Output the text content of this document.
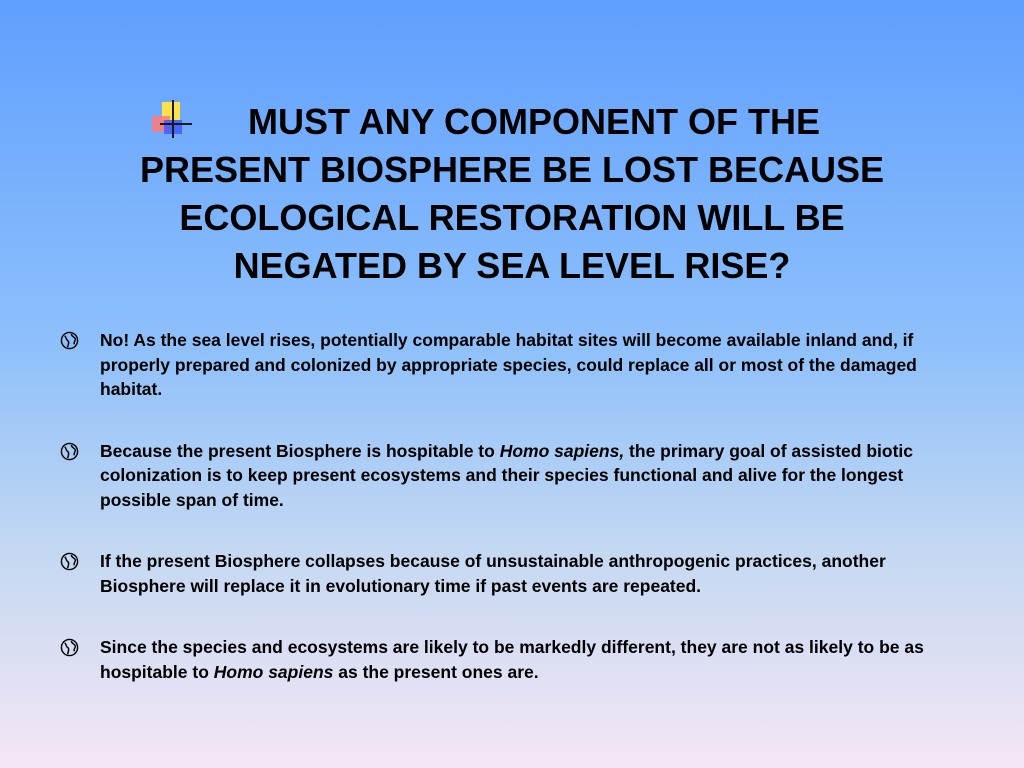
MUST ANY COMPONENT OF THE
PRESENT BIOSPHERE BE LOST BECAUSE
ECOLOGICAL RESTORATION WILL BE
NEGATED BY SEA LEVEL RISE?
No! As the sea level rises, potentially comparable habitat sites will become available inland and, if properly prepared and colonized by appropriate species, could replace all or most of the damaged habitat.
Because the present Biosphere is hospitable to Homo sapiens, the primary goal of assisted biotic colonization is to keep present ecosystems and their species functional and alive for the longest possible span of time.
If the present Biosphere collapses because of unsustainable anthropogenic practices, another Biosphere will replace it in evolutionary time if past events are repeated.
Since the species and ecosystems are likely to be markedly different, they are not as likely to be as hospitable to Homo sapiens as the present ones are.
